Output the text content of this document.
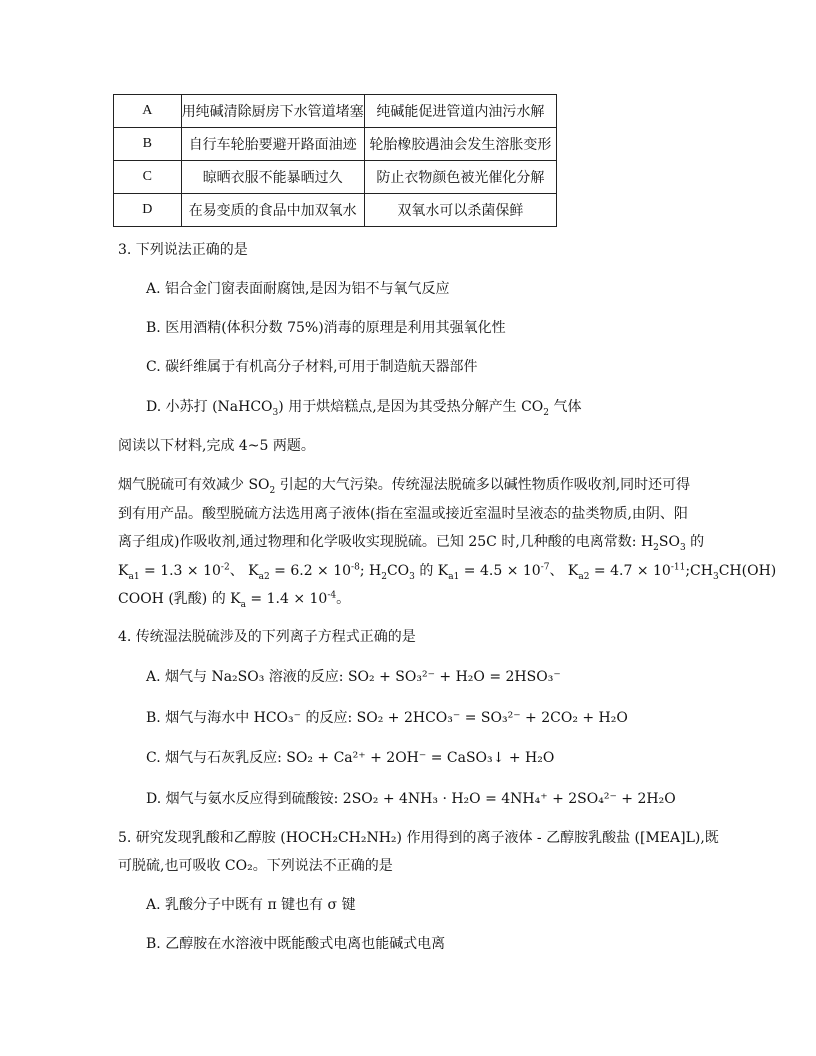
A	用纯碱清除厨房下水管道堵塞	纯碱能促进管道内油污水解
B	自行车轮胎要避开路面油迹	轮胎橡胶遇油会发生溶胀变形
C	晾晒衣服不能暴晒过久	防止衣物颜色被光催化分解
D	在易变质的食品中加双氧水	双氧水可以杀菌保鲜
3. 下列说法正确的是
A. 铝合金门窗表面耐腐蚀,是因为铝不与氧气反应
B. 医用酒精(体积分数 75%)消毒的原理是利用其强氧化性
C. 碳纤维属于有机高分子材料,可用于制造航天器部件
D. 小苏打 (NaHCO$_3$) 用于烘焙糕点,是因为其受热分解产生 $CO_2$ 气体
阅读以下材料,完成 4~5 两题。
烟气脱硫可有效减少 $SO_2$ 引起的大气污染。传统湿法脱硫多以碱性物质作吸收剂,同时还可得
到有用产品。酸型脱硫方法选用离子液体(指在室温或接近室温时呈液态的盐类物质,由阴、阳
离子组成)作吸收剂,通过物理和化学吸收实现脱硫。已知 25C 时,几种酸的电离常数: $H_2SO_3$ 的
$K_{a1} = 1.3 \times 10^{-2}$、 $K_{a2} = 6.2 \times 10^{-8}$; $H_2CO_3$ 的 $K_{a1} = 4.5 \times 10^{-7}$、 $K_{a2} = 4.7$ × $10^{-11};CH_3CH(OH)$
COOH (乳酸) 的 $K_a = 1.4 \times 10^{-4}$。
4. 传统湿法脱硫涉及的下列离子方程式正确的是
A. 烟气与 Na₂SO₃ 溶液的反应: SO₂ + SO₃²⁻ + H₂O = 2HSO₃⁻
B. 烟气与海水中 HCO₃⁻ 的反应: SO₂ + 2HCO₃⁻ = SO₃²⁻ + 2CO₂ + H₂O
C. 烟气与石灰乳反应: SO₂ + Ca²⁺ + 2OH⁻ = CaSO₃↓ + H₂O
D. 烟气与氨水反应得到硫酸铵: 2SO₂ + 4NH₃ · H₂O = 4NH₄⁺ + 2SO₄²⁻ + 2H₂O
5. 研究发现乳酸和乙醇胺 (HOCH₂CH₂NH₂) 作用得到的离子液体 - 乙醇胺乳酸盐 ([MEA]L),既
可脱硫,也可吸收 CO₂。下列说法不正确的是
A. 乳酸分子中既有 π 键也有 σ 键
B. 乙醇胺在水溶液中既能酸式电离也能碱式电离
